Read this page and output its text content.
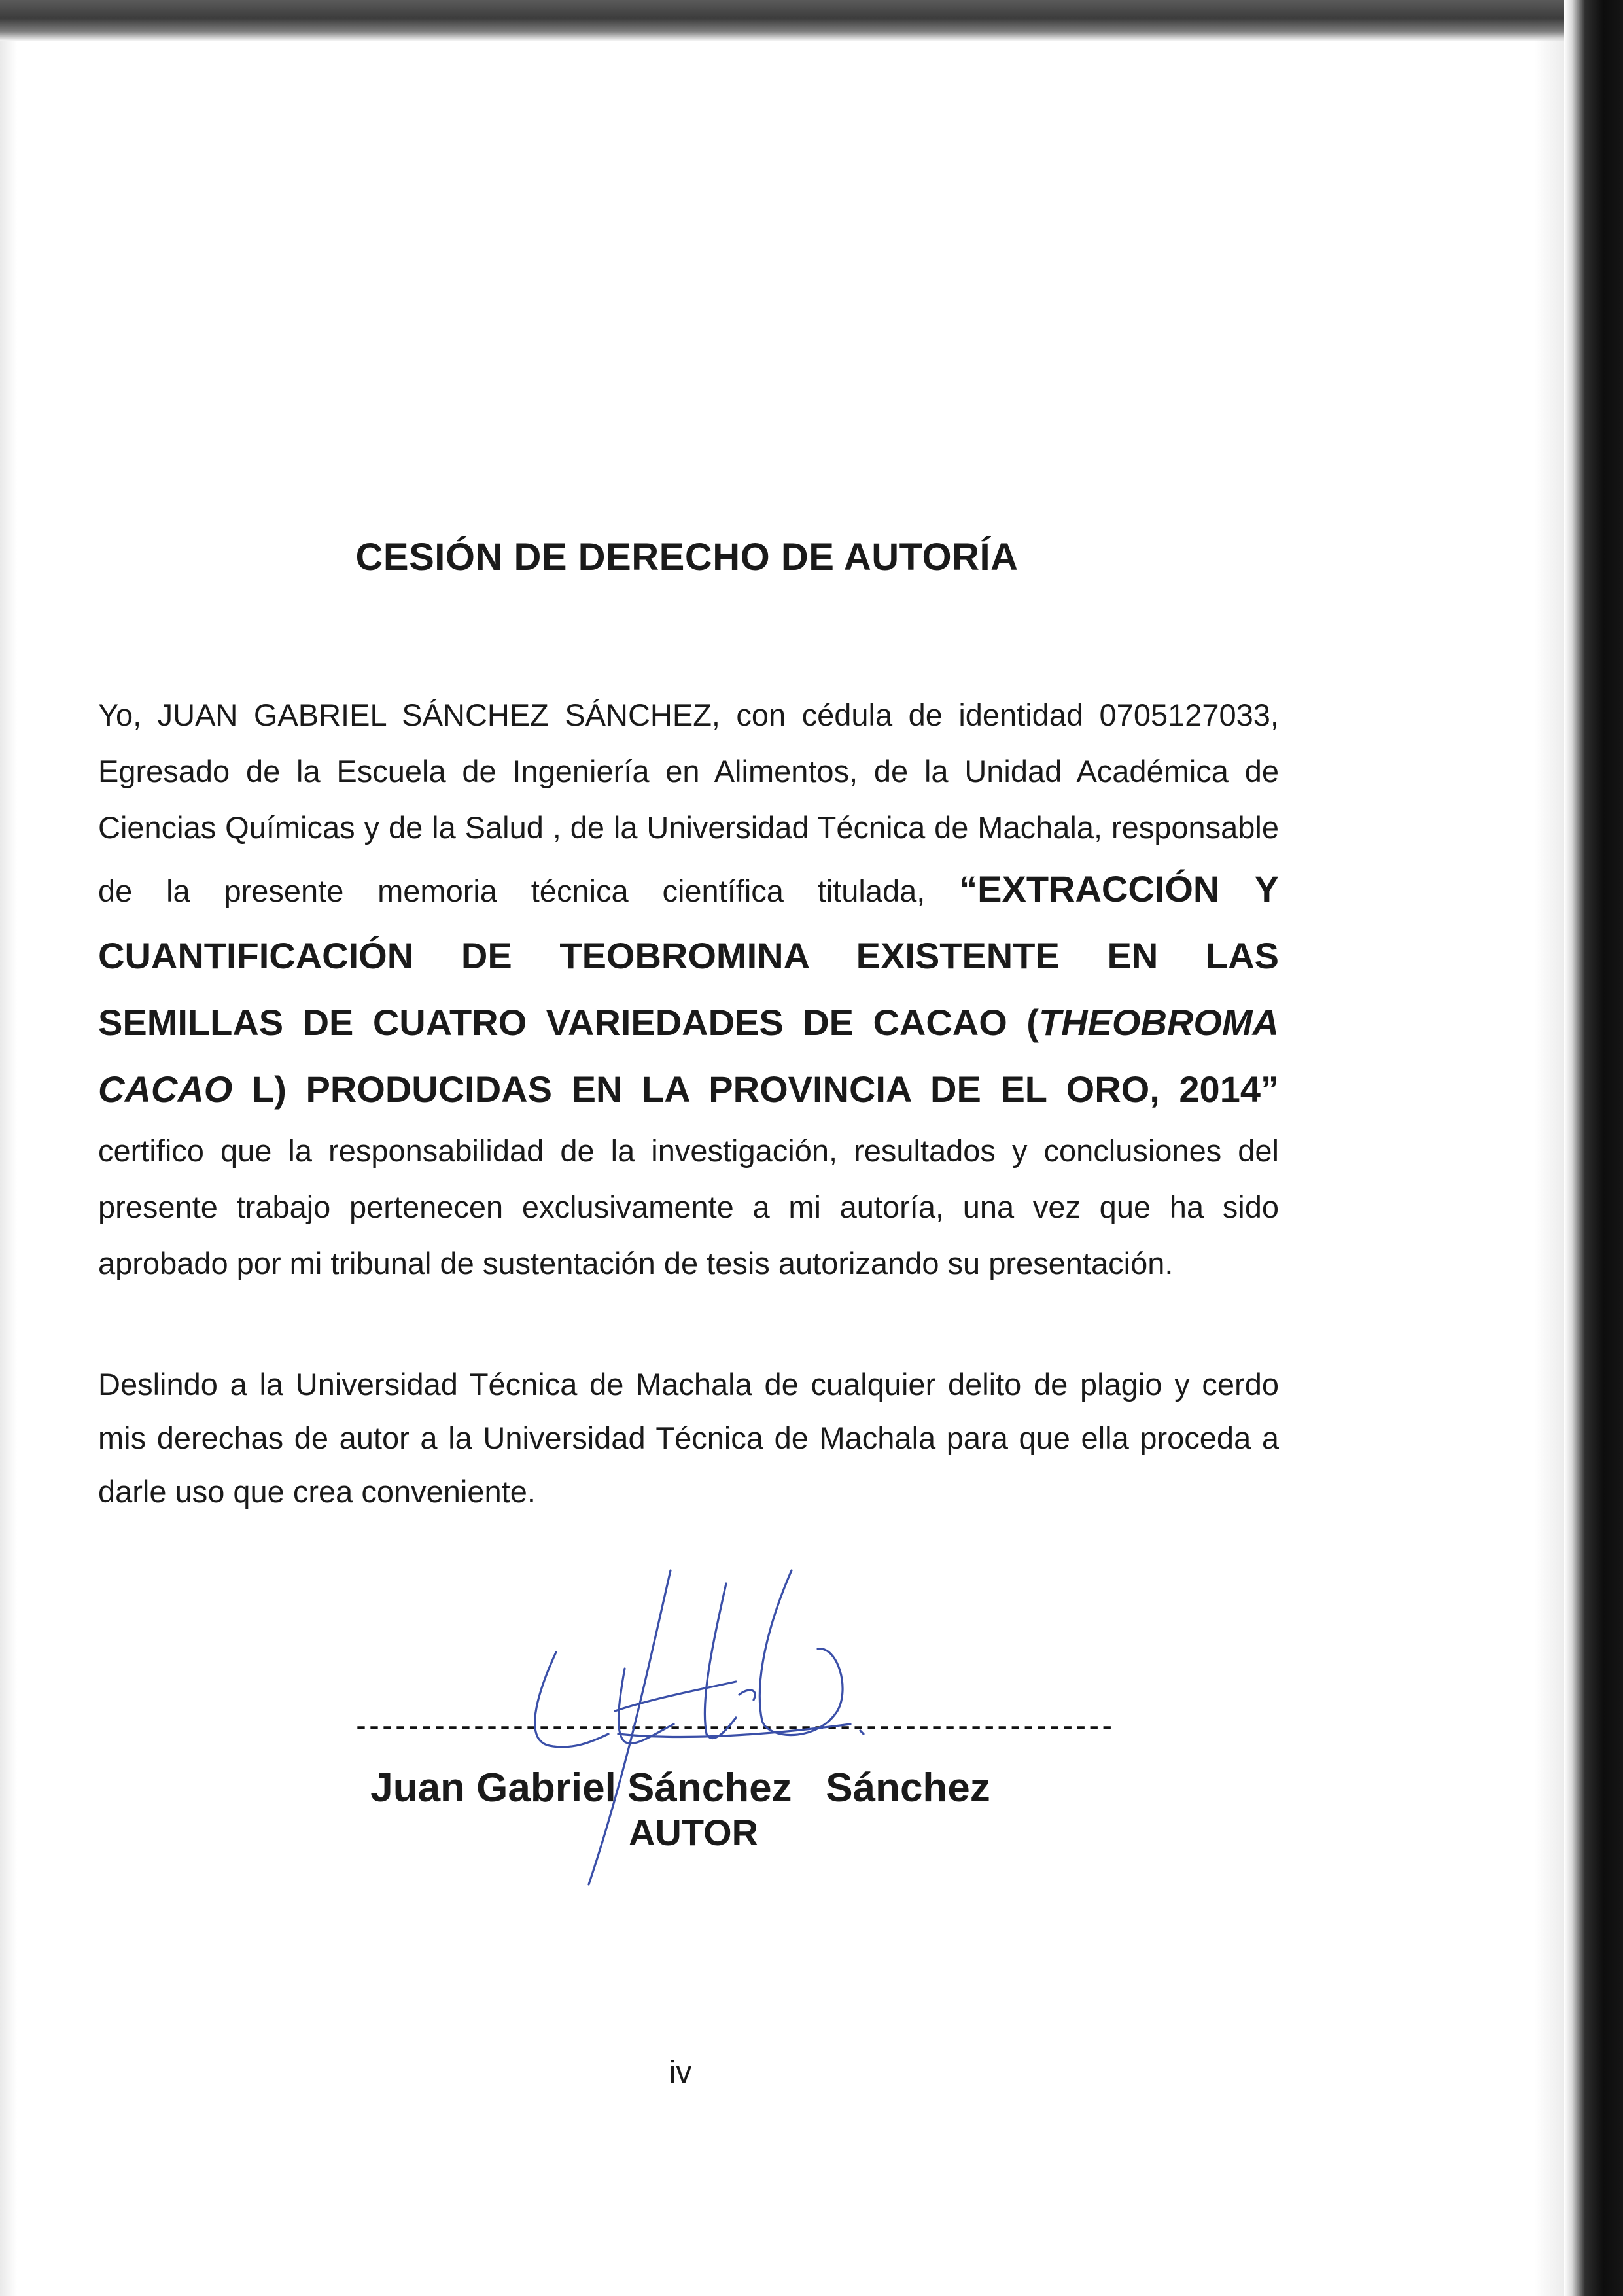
CESIÓN DE DERECHO DE AUTORÍA

Yo, JUAN GABRIEL SÁNCHEZ SÁNCHEZ, con cédula de identidad 0705127033, Egresado de la Escuela de Ingeniería en Alimentos, de la Unidad Académica de Ciencias Químicas y de la Salud , de la Universidad Técnica de Machala, responsable de la presente memoria técnica científica titulada, “EXTRACCIÓN Y CUANTIFICACIÓN DE TEOBROMINA EXISTENTE EN LAS SEMILLAS DE CUATRO VARIEDADES DE CACAO (THEOBROMA CACAO L) PRODUCIDAS EN LA PROVINCIA DE EL ORO, 2014” certifico que la responsabilidad de la investigación, resultados y conclusiones del presente trabajo pertenecen exclusivamente a mi autoría, una vez que ha sido aprobado por mi tribunal de sustentación de tesis autorizando su presentación.

Deslindo a la Universidad Técnica de Machala de cualquier delito de plagio y cerdo mis derechas de autor a la Universidad Técnica de Machala para que ella proceda a darle uso que crea conveniente.

----------------------------------------------------------
Juan Gabriel Sánchez   Sánchez
AUTOR
iv
